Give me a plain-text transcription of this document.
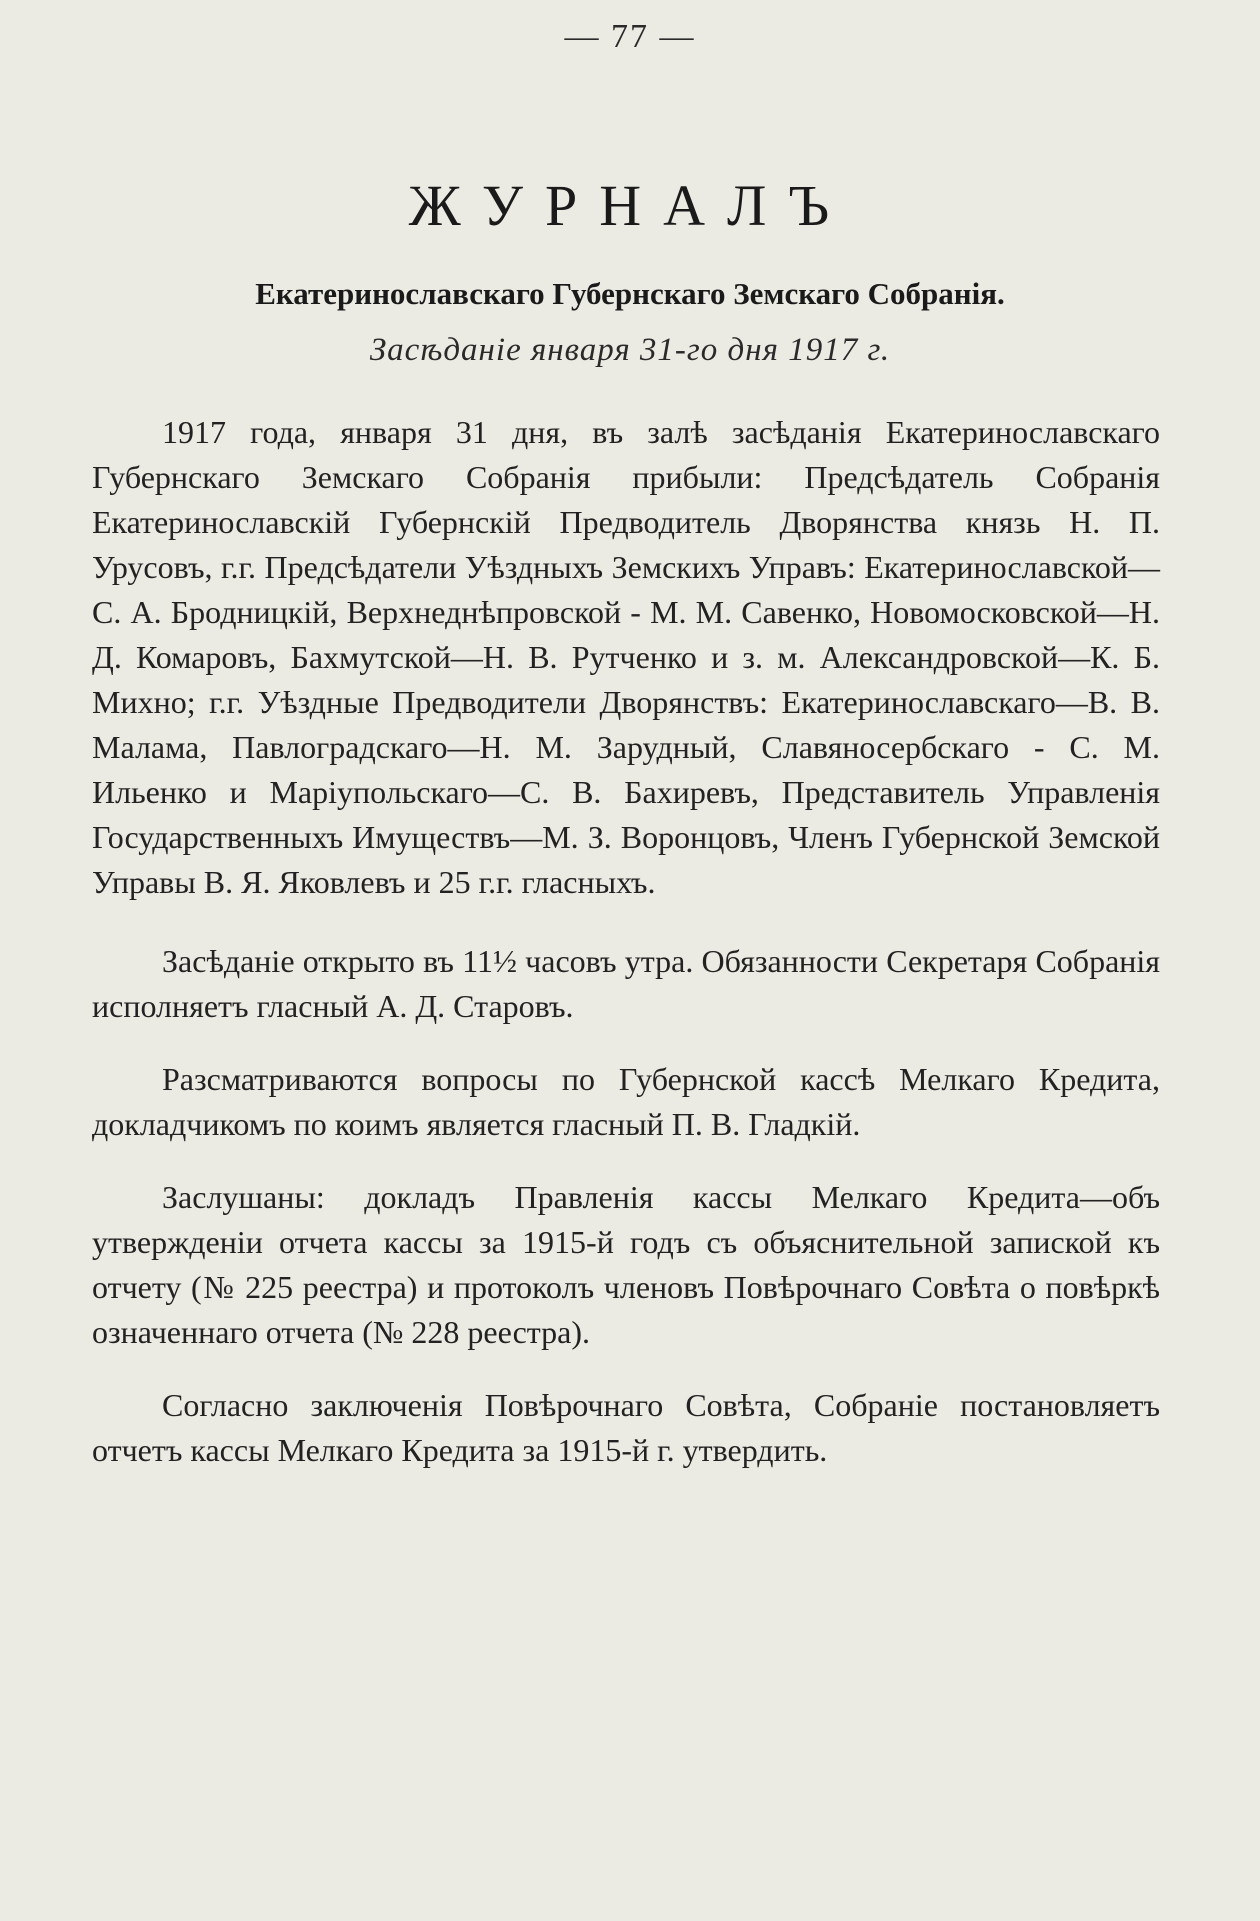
— 77 —
ЖУРНАЛЪ
Екатеринославскаго Губернскаго Земскаго Собранія.
Засѣданіе января 31-го дня 1917 г.

1917 года, января 31 дня, въ залѣ засѣданія Екатеринославскаго Губернскаго Земскаго Собранія прибыли: Предсѣдатель Собранія Екатеринославскій Губернскій Предводитель Дворянства князь Н. П. Урусовъ, г.г. Предсѣдатели Уѣздныхъ Земскихъ Управъ: Екатеринославской—С. А. Бродницкій, Верхнеднѣпровской - М. М. Савенко, Новомосковской—Н. Д. Комаровъ, Бахмутской—Н. В. Рутченко и з. м. Александровской—К. Б. Михно; г.г. Уѣздные Предводители Дворянствъ: Екатеринославскаго—В. В. Малама, Павлоградскаго—Н. М. Зарудный, Славяносербскаго - С. М. Ильенко и Маріупольскаго—С. В. Бахиревъ, Представитель Управленія Государственныхъ Имуществъ—М. З. Воронцовъ, Членъ Губернской Земской Управы В. Я. Яковлевъ и 25 г.г. гласныхъ.

Засѣданіе открыто въ 11½ часовъ утра. Обязанности Секретаря Собранія исполняетъ гласный А. Д. Старовъ.

Разсматриваются вопросы по Губернской кассѣ Мелкаго Кредита, докладчикомъ по коимъ является гласный П. В. Гладкій.

Заслушаны: докладъ Правленія кассы Мелкаго Кредита—объ утвержденіи отчета кассы за 1915-й годъ съ объяснительной запиской къ отчету (№ 225 реестра) и протоколъ членовъ Повѣрочнаго Совѣта о повѣркѣ означеннаго отчета (№ 228 реестра).

Согласно заключенія Повѣрочнаго Совѣта, Собраніе постановляетъ отчетъ кассы Мелкаго Кредита за 1915-й г. утвердить.
